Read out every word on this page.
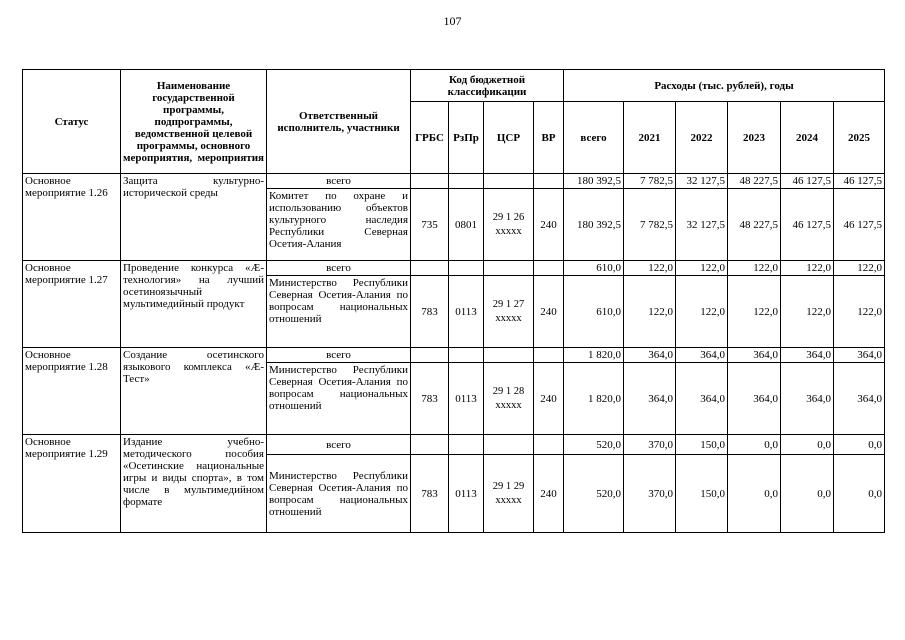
107
Статус	Наименование государственной программы, подпрограммы, ведомственной целевой программы, основного мероприятия, мероприятия	Ответственный исполнитель, участники	Код бюджетной классификации				Расходы (тыс. рублей), годы					
			ГРБС	РзПр	ЦСР	ВР	всего	2021	2022	2023	2024	2025
Основное мероприятие 1.26	Защита культурно-исторической среды	всего					180 392,5	7 782,5	32 127,5	48 227,5	46 127,5	46 127,5
		Комитет по охране и использованию объектов культурного наследия Республики Северная Осетия-Алания	735	0801	29 1 26 ххххх	240	180 392,5	7 782,5	32 127,5	48 227,5	46 127,5	46 127,5
Основное мероприятие 1.27	Проведение конкурса «Æ-технология» на лучший осетиноязычный мультимедийный продукт	всего					610,0	122,0	122,0	122,0	122,0	122,0
		Министерство Республики Северная Осетия-Алания по вопросам национальных отношений	783	0113	29 1 27 ххххх	240	610,0	122,0	122,0	122,0	122,0	122,0
Основное мероприятие 1.28	Создание осетинского языкового комплекса «Æ-Тест»	всего					1 820,0	364,0	364,0	364,0	364,0	364,0
		Министерство Республики Северная Осетия-Алания по вопросам национальных отношений	783	0113	29 1 28 ххххх	240	1 820,0	364,0	364,0	364,0	364,0	364,0
Основное мероприятие 1.29	Издание учебно-методического пособия «Осетинские национальные игры и виды спорта», в том числе в мультимедийном формате	всего					520,0	370,0	150,0	0,0	0,0	0,0
		Министерство Республики Северная Осетия-Алания по вопросам национальных отношений	783	0113	29 1 29 ххххх	240	520,0	370,0	150,0	0,0	0,0	0,0
